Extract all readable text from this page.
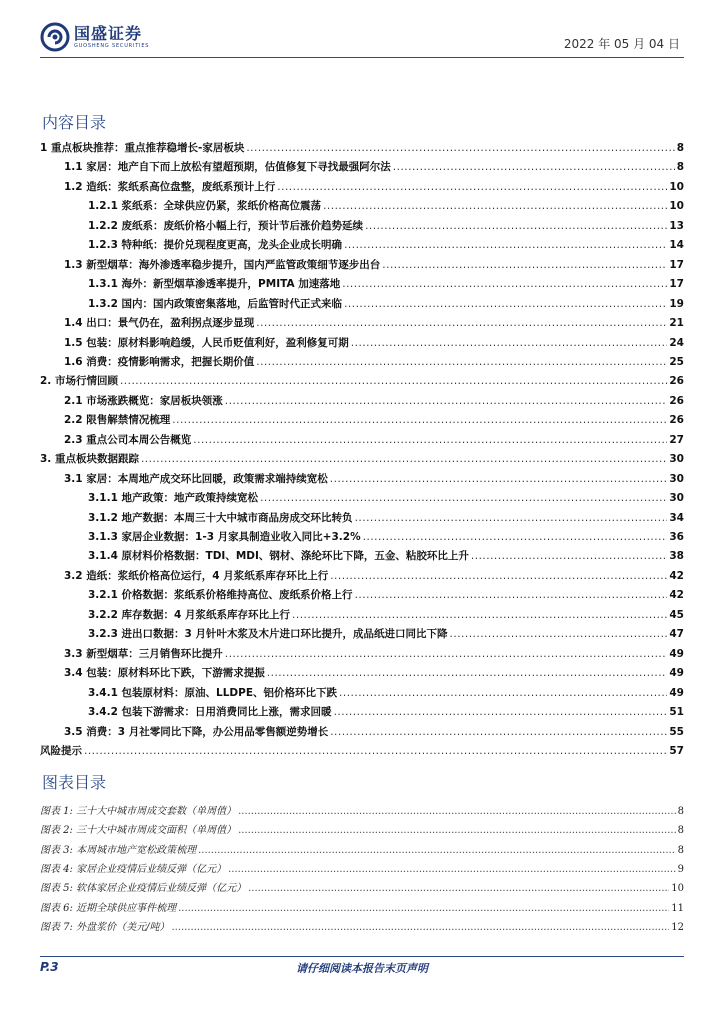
国盛证券
GUOSHENG SECURITIES	2022 年 05 月 04 日
内容目录
1 重点板块推荐：重点推荐稳增长-家居板块 .....	8
1.1 家居：地产自下而上放松有望超预期，估值修复下寻找最强阿尔法 .....	8
1.2 造纸：浆纸系高位盘整，废纸系预计上行 .....	10
1.2.1 浆纸系：全球供应仍紧，浆纸价格高位震荡 .....	10
1.2.2 废纸系：废纸价格小幅上行，预计节后涨价趋势延续 .....	13
1.2.3 特种纸：提价兑现程度更高，龙头企业成长明确 .....	14
1.3 新型烟草：海外渗透率稳步提升，国内严监管政策细节逐步出台 .....	17
1.3.1 海外：新型烟草渗透率提升，PMITA 加速落地 .....	17
1.3.2 国内：国内政策密集落地，后监管时代正式来临 .....	19
1.4 出口：景气仍在，盈利拐点逐步显现 .....	21
1.5 包装：原材料影响趋缓，人民币贬值利好，盈利修复可期 .....	24
1.6 消费：疫情影响需求，把握长期价值 .....	25
2. 市场行情回顾 .....	26
2.1 市场涨跌概览：家居板块领涨 .....	26
2.2 限售解禁情况梳理 .....	26
2.3 重点公司本周公告概览 .....	27
3. 重点板块数据跟踪 .....	30
3.1 家居：本周地产成交环比回暖，政策需求端持续宽松 .....	30
3.1.1 地产政策：地产政策持续宽松 .....	30
3.1.2 地产数据：本周三十大中城市商品房成交环比转负 .....	34
3.1.3 家居企业数据：1-3 月家具制造业收入同比+3.2% .....	36
3.1.4 原材料价格数据：TDI、MDI、钢材、涤纶环比下降，五金、粘胶环比上升 .....	38
3.2 造纸：浆纸价格高位运行，4 月浆纸系库存环比上行 .....	42
3.2.1 价格数据：浆纸系价格维持高位、废纸系价格上行 .....	42
3.2.2 库存数据：4 月浆纸系库存环比上行 .....	45
3.2.3 进出口数据：3 月针叶木浆及木片进口环比提升，成品纸进口同比下降 .....	47
3.3 新型烟草：三月销售环比提升 .....	49
3.4 包装：原材料环比下跌，下游需求提振 .....	49
3.4.1 包装原材料：原油、LLDPE、铝价格环比下跌 .....	49
3.4.2 包装下游需求：日用消费同比上涨，需求回暖 .....	51
3.5 消费：3 月社零同比下降，办公用品零售额逆势增长 .....	55
风险提示 .....	57
图表目录
图表 1: 三十大中城市周成交套数（单周值） .....	8
图表 2: 三十大中城市周成交面积（单周值） .....	8
图表 3: 本周城市地产宽松政策梳理 .....	8
图表 4: 家居企业疫情后业绩反弹（亿元） .....	9
图表 5: 软体家居企业疫情后业绩反弹（亿元） .....	10
图表 6: 近期全球供应事件梳理 .....	11
图表 7: 外盘浆价（美元/吨） .....	12
P.3	请仔细阅读本报告末页声明
